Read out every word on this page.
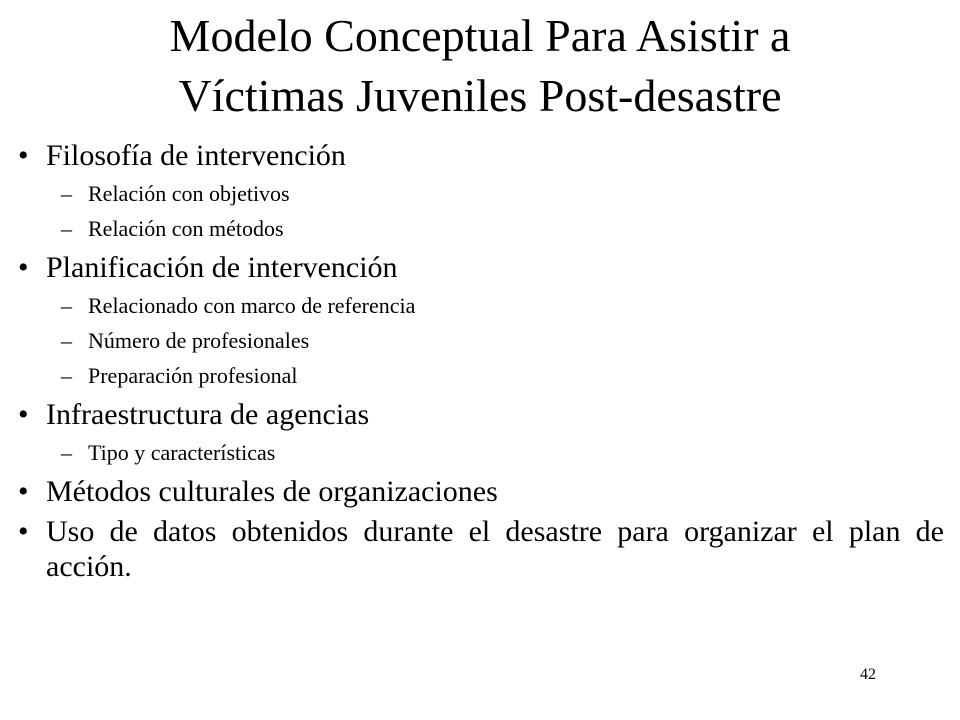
Modelo Conceptual Para Asistir a
Víctimas Juveniles Post-desastre
• Filosofía de intervención
– Relación con objetivos
– Relación con métodos
• Planificación de intervención
– Relacionado con marco de referencia
– Número de profesionales
– Preparación profesional
• Infraestructura de agencias
– Tipo y características
• Métodos culturales de organizaciones
• Uso de datos obtenidos durante el desastre para organizar el plan de acción.
42
